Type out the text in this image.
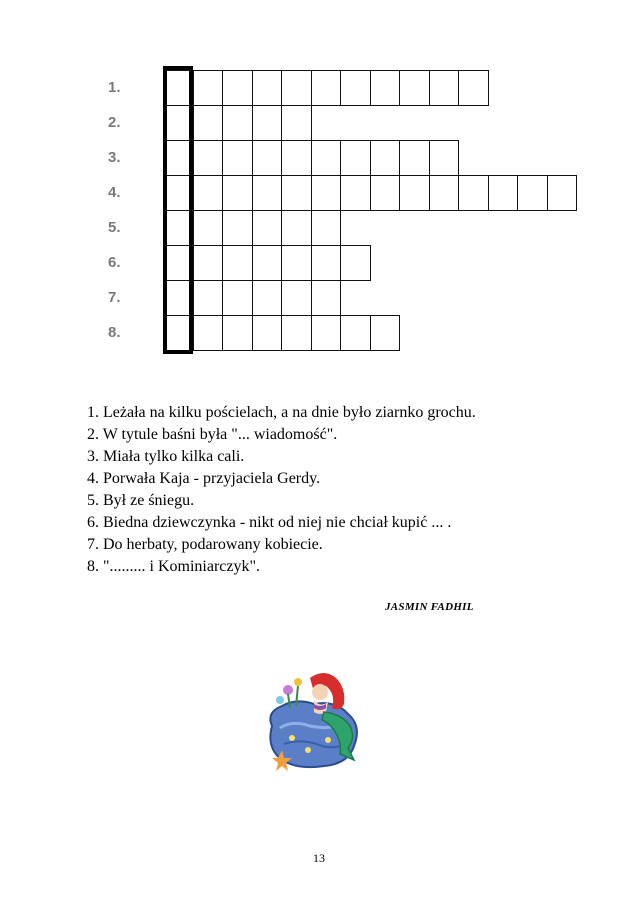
1.
2.
3.
4.
5.
6.
7.
8.
1. Leżała na kilku pościelach, a na dnie było ziarnko grochu.
2. W tytule baśni była "... wiadomość".
3. Miała tylko kilka cali.
4. Porwała Kaja - przyjaciela Gerdy.
5. Był ze śniegu.
6. Biedna dziewczynka - nikt od niej nie chciał kupić ... .
7. Do herbaty, podarowany kobiecie.
8. "......... i Kominiarczyk".
JASMIN FADHIL
13
